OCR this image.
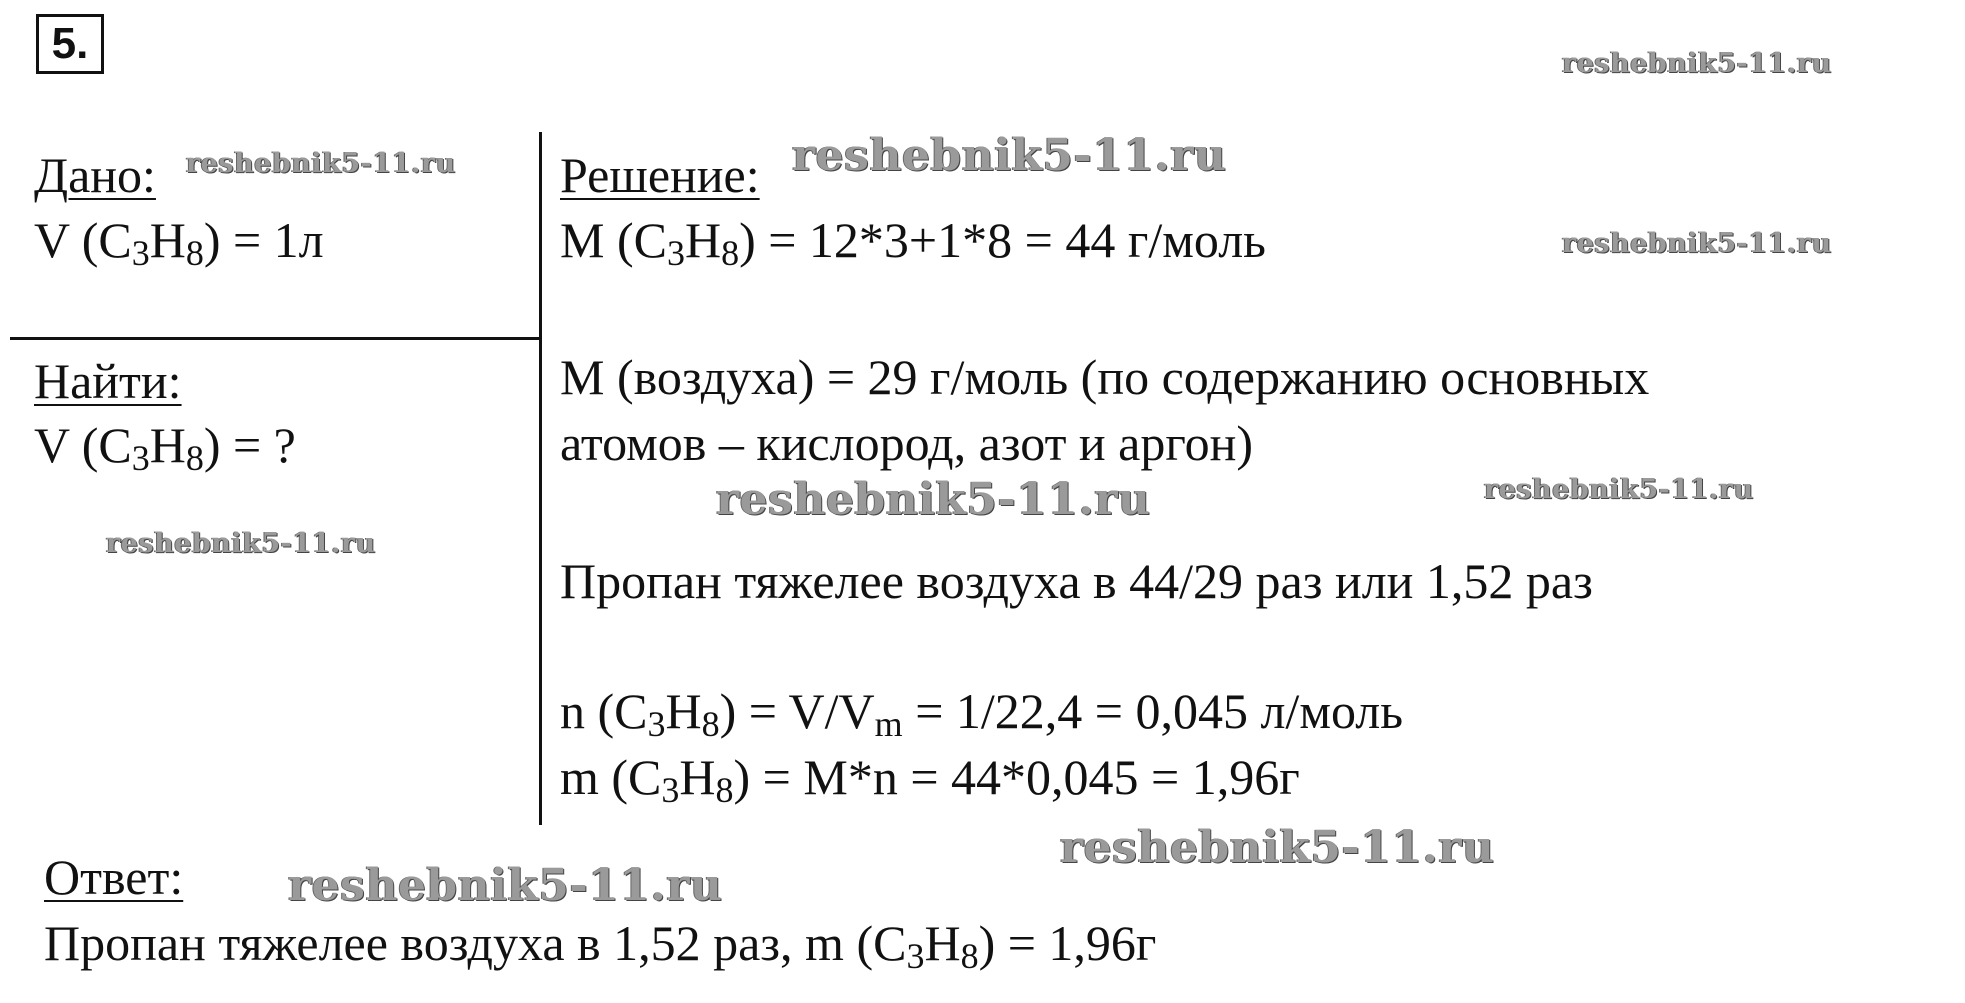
5.
Дано:
V $(C_3H_8) = 1л$
Найти:
V $(C_3H_8)$ = ?
Решение:
M $(C_3H_8) = 12*3+1*8 = 44$ г/моль
M (воздуха) = 29 г/моль (по содержанию основных
атомов – кислород, азот и аргон)
Пропан тяжелее воздуха в 44/29 раз или 1,52 раз
n $(C_3H_8) = V/V_m = 1/22,4 = 0,045$ л/моль
m $(C_3H_8) = M*n = 44*0,045 = 1,96г$
Ответ:
Пропан тяжелее воздуха в 1,52 раз, m $(C_3H_8) = 1,96г$
reshebnik5-11.ru
reshebnik5-11.ru	reshebnik5-11.ru
reshebnik5-11.ru
reshebnik5-11.ru	reshebnik5-11.ru
reshebnik5-11.ru
reshebnik5-11.ru
reshebnik5-11.ru
